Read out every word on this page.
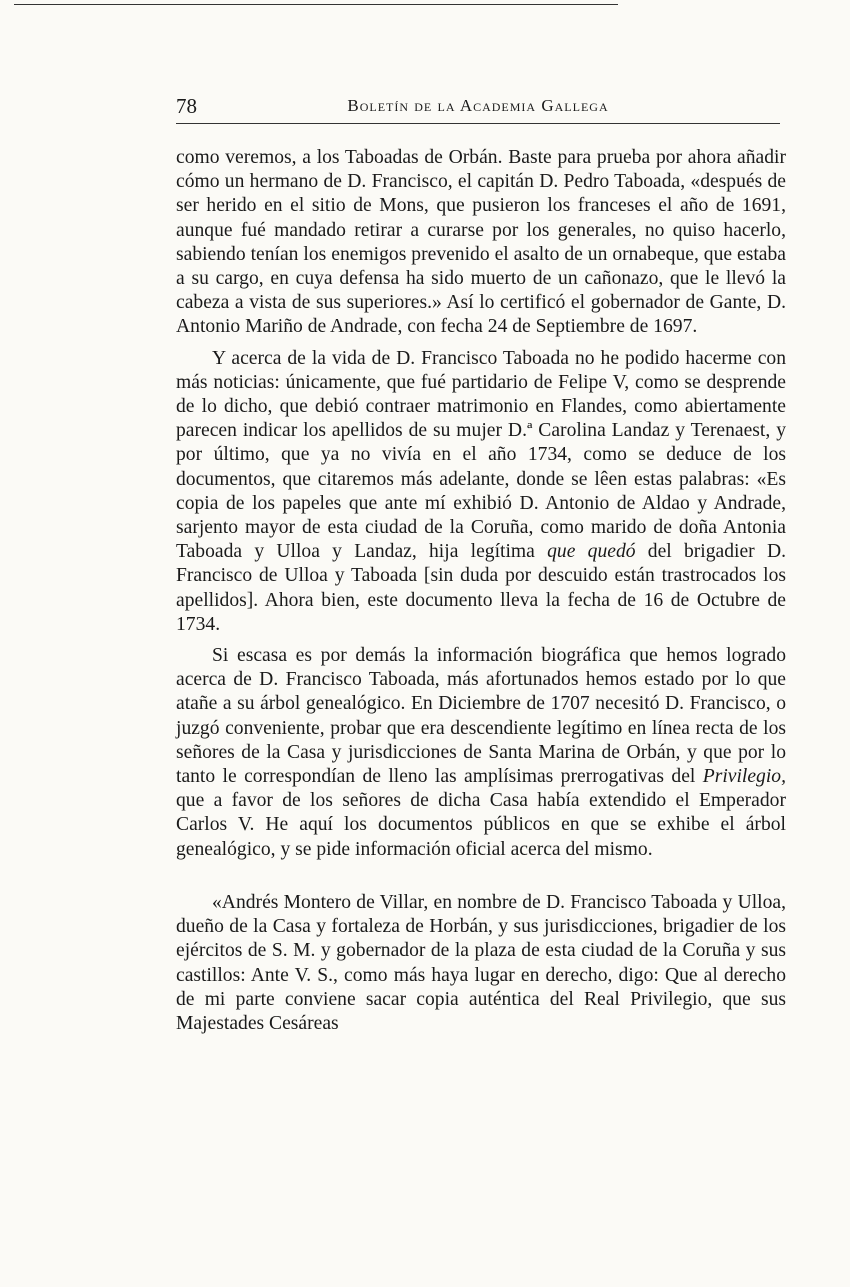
78	Boletín de la Academia Gallega

como veremos, a los Taboadas de Orbán. Baste para prueba por ahora añadir cómo un hermano de D. Francisco, el capitán D. Pedro Taboada, «después de ser herido en el sitio de Mons, que pusieron los franceses el año de 1691, aunque fué mandado retirar a curarse por los generales, no quiso hacerlo, sabiendo tenían los enemigos prevenido el asalto de un ornabeque, que estaba a su cargo, en cuya defensa ha sido muerto de un cañonazo, que le llevó la cabeza a vista de sus superiores.» Así lo certificó el gobernador de Gante, D. Antonio Mariño de Andrade, con fecha 24 de Septiembre de 1697.

Y acerca de la vida de D. Francisco Taboada no he podido hacerme con más noticias: únicamente, que fué partidario de Felipe V, como se desprende de lo dicho, que debió contraer matrimonio en Flandes, como abiertamente parecen indicar los apellidos de su mujer D.ª Carolina Landaz y Terenaest, y por último, que ya no vivía en el año 1734, como se deduce de los documentos, que citaremos más adelante, donde se lêen estas palabras: «Es copia de los papeles que ante mí exhibió D. Antonio de Aldao y Andrade, sarjento mayor de esta ciudad de la Coruña, como marido de doña Antonia Taboada y Ulloa y Landaz, hija legítima que quedó del brigadier D. Francisco de Ulloa y Taboada [sin duda por descuido están trastrocados los apellidos]. Ahora bien, este documento lleva la fecha de 16 de Octubre de 1734.

Si escasa es por demás la información biográfica que hemos logrado acerca de D. Francisco Taboada, más afortunados hemos estado por lo que atañe a su árbol genealógico. En Diciembre de 1707 necesitó D. Francisco, o juzgó conveniente, probar que era descendiente legítimo en línea recta de los señores de la Casa y jurisdicciones de Santa Marina de Orbán, y que por lo tanto le correspondían de lleno las amplísimas prerrogativas del Privilegio, que a favor de los señores de dicha Casa había extendido el Emperador Carlos V. He aquí los documentos públicos en que se exhibe el árbol genealógico, y se pide información oficial acerca del mismo.

«Andrés Montero de Villar, en nombre de D. Francisco Taboada y Ulloa, dueño de la Casa y fortaleza de Horbán, y sus jurisdicciones, brigadier de los ejércitos de S. M. y gobernador de la plaza de esta ciudad de la Coruña y sus castillos: Ante V. S., como más haya lugar en derecho, digo: Que al derecho de mi parte conviene sacar copia auténtica del Real Privilegio, que sus Majestades Cesáreas
